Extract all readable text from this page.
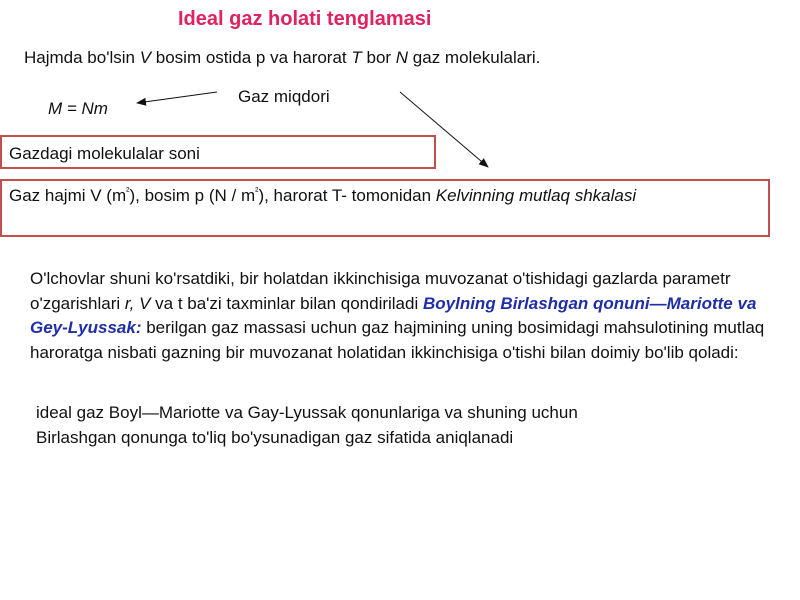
Ideal gaz holati tenglamasi
Hajmda bo'lsin V bosim ostida p va harorat T bor N gaz molekulalari.
M = Nm
Gaz miqdori
Gazdagi molekulalar soni
Gaz hajmi V $(m^{^2})$, bosim p $(N / m^{^2})$, harorat T- tomonidan Kelvinning mutlaq shkalasi
O'lchovlar shuni ko'rsatdiki, bir holatdan ikkinchisiga muvozanat o'tishidagi gazlarda parametr o'zgarishlari r, V va t ba'zi taxminlar bilan qondiriladi Boylning Birlashgan qonuni—Mariotte va Gey-Lyussak: berilgan gaz massasi uchun gaz hajmining uning bosimidagi mahsulotining mutlaq haroratga nisbati gazning bir muvozanat holatidan ikkinchisiga o'tishi bilan doimiy bo'lib qoladi:
ideal gaz Boyl—Mariotte va Gay-Lyussak qonunlariga va shuning uchun
Birlashgan qonunga to'liq bo'ysunadigan gaz sifatida aniqlanadi
